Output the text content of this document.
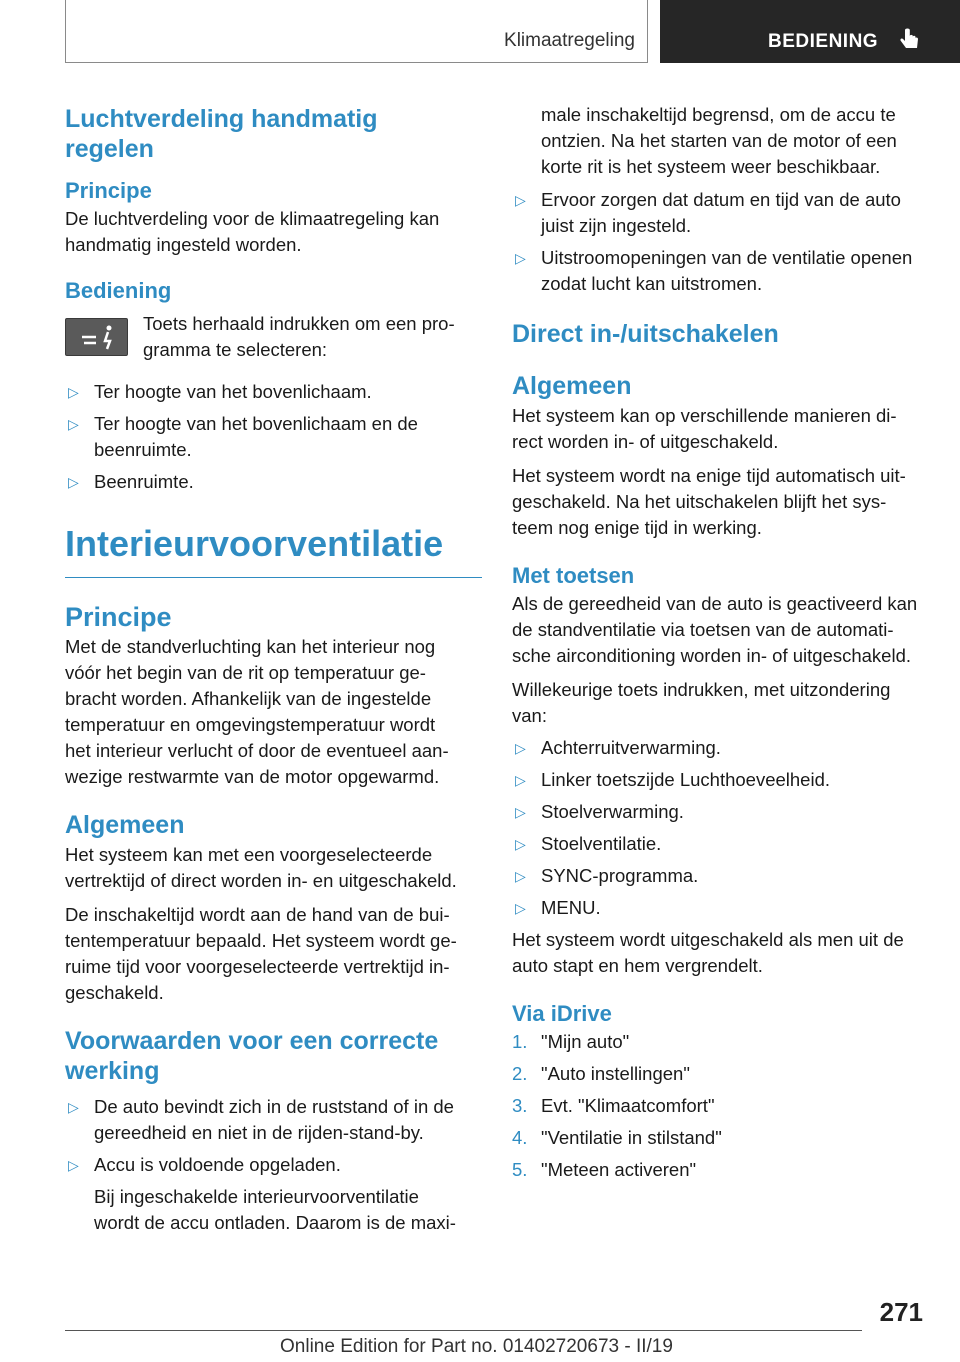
Klimaatregeling	BEDIENING
Luchtverdeling handmatig
regelen
Principe
De luchtverdeling voor de klimaatregeling kan
handmatig ingesteld worden.
Bediening
Toets herhaald indrukken om een pro-
gramma te selecteren:
▷ Ter hoogte van het bovenlichaam.
▷ Ter hoogte van het bovenlichaam en de
beenruimte.
▷ Beenruimte.
Interieurvoorventilatie
Principe
Met de standverluchting kan het interieur nog
vóór het begin van de rit op temperatuur ge-
bracht worden. Afhankelijk van de ingestelde
temperatuur en omgevingstemperatuur wordt
het interieur verlucht of door de eventueel aan-
wezige restwarmte van de motor opgewarmd.
Algemeen
Het systeem kan met een voorgeselecteerde
vertrektijd of direct worden in- en uitgeschakeld.
De inschakeltijd wordt aan de hand van de bui-
tentemperatuur bepaald. Het systeem wordt ge-
ruime tijd voor voorgeselecteerde vertrektijd in-
geschakeld.
Voorwaarden voor een correcte
werking
▷ De auto bevindt zich in de ruststand of in de
gereedheid en niet in de rijden-stand-by.
▷ Accu is voldoende opgeladen.
Bij ingeschakelde interieurvoorventilatie
wordt de accu ontladen. Daarom is de maxi-
male inschakeltijd begrensd, om de accu te
ontzien. Na het starten van de motor of een
korte rit is het systeem weer beschikbaar.
▷ Ervoor zorgen dat datum en tijd van de auto
juist zijn ingesteld.
▷ Uitstroomopeningen van de ventilatie openen
zodat lucht kan uitstromen.
Direct in-/uitschakelen
Algemeen
Het systeem kan op verschillende manieren di-
rect worden in- of uitgeschakeld.
Het systeem wordt na enige tijd automatisch uit-
geschakeld. Na het uitschakelen blijft het sys-
teem nog enige tijd in werking.
Met toetsen
Als de gereedheid van de auto is geactiveerd kan
de standventilatie via toetsen van de automati-
sche airconditioning worden in- of uitgeschakeld.
Willekeurige toets indrukken, met uitzondering
van:
▷ Achterruitverwarming.
▷ Linker toetszijde Luchthoeveelheid.
▷ Stoelverwarming.
▷ Stoelventilatie.
▷ SYNC-programma.
▷ MENU.
Het systeem wordt uitgeschakeld als men uit de
auto stapt en hem vergrendelt.
Via iDrive
1. "Mijn auto"
2. "Auto instellingen"
3. Evt. "Klimaatcomfort"
4. "Ventilatie in stilstand"
5. "Meteen activeren"
271
Online Edition for Part no. 01402720673 - II/19
